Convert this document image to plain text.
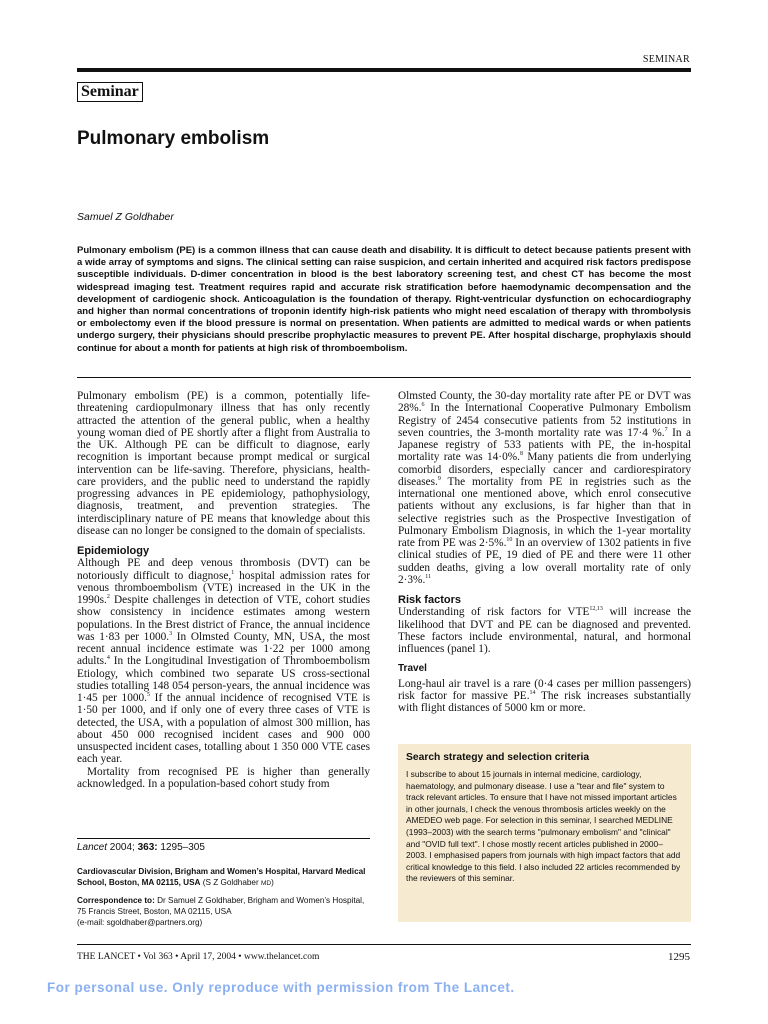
SEMINAR
Seminar
Pulmonary embolism
Samuel Z Goldhaber

Pulmonary embolism (PE) is a common illness that can cause death and disability. It is difficult to detect because patients present with a wide array of symptoms and signs. The clinical setting can raise suspicion, and certain inherited and acquired risk factors predispose susceptible individuals. D-dimer concentration in blood is the best laboratory screening test, and chest CT has become the most widespread imaging test. Treatment requires rapid and accurate risk stratification before haemodynamic decompensation and the development of cardiogenic shock. Anticoagulation is the foundation of therapy. Right-ventricular dysfunction on echocardiography and higher than normal concentrations of troponin identify high-risk patients who might need escalation of therapy with thrombolysis or embolectomy even if the blood pressure is normal on presentation. When patients are admitted to medical wards or when patients undergo surgery, their physicians should prescribe prophylactic measures to prevent PE. After hospital discharge, prophylaxis should continue for about a month for patients at high risk of thromboembolism.

Pulmonary embolism (PE) is a common, potentially life-threatening cardiopulmonary illness that has only recently attracted the attention of the general public, when a healthy young woman died of PE shortly after a flight from Australia to the UK. Although PE can be difficult to diagnose, early recognition is important because prompt medical or surgical intervention can be life-saving. Therefore, physicians, health-care providers, and the public need to understand the rapidly progressing advances in PE epidemiology, pathophysiology, diagnosis, treatment, and prevention strategies. The interdisciplinary nature of PE means that knowledge about this disease can no longer be consigned to the domain of specialists.

Epidemiology

Although PE and deep venous thrombosis (DVT) can be notoriously difficult to diagnose,$^1$ hospital admission rates for venous thromboembolism (VTE) increased in the UK in the 1990s.$^2$ Despite challenges in detection of VTE, cohort studies show consistency in incidence estimates among western populations. In the Brest district of France, the annual incidence was 1·83 per 1000.$^3$ In Olmsted County, MN, USA, the most recent annual incidence estimate was 1·22 per 1000 among adults.$^4$ In the Longitudinal Investigation of Thromboembolism Etiology, which combined two separate US cross-sectional studies totalling 148 054 person-years, the annual incidence was 1·45 per 1000.$^5$ If the annual incidence of recognised VTE is 1·50 per 1000, and if only one of every three cases of VTE is detected, the USA, with a population of almost 300 million, has about 450 000 recognised incident cases and 900 000 unsuspected incident cases, totalling about 1 350 000 VTE cases each year.

Mortality from recognised PE is higher than generally acknowledged. In a population-based cohort study from

Olmsted County, the 30-day mortality rate after PE or DVT was 28%.$^6$ In the International Cooperative Pulmonary Embolism Registry of 2454 consecutive patients from 52 institutions in seven countries, the 3-month mortality rate was 17·4 %.$^7$ In a Japanese registry of 533 patients with PE, the in-hospital mortality rate was 14·0%.$^8$ Many patients die from underlying comorbid disorders, especially cancer and cardiorespiratory diseases.$^9$ The mortality from PE in registries such as the international one mentioned above, which enrol consecutive patients without any exclusions, is far higher than that in selective registries such as the Prospective Investigation of Pulmonary Embolism Diagnosis, in which the 1-year mortality rate from PE was 2·5%.$^{10}$ In an overview of 1302 patients in five clinical studies of PE, 19 died of PE and there were 11 other sudden deaths, giving a low overall mortality rate of only 2·3%.$^{11}$

Risk factors

Understanding of risk factors for VTE$^{12,13}$ will increase the likelihood that DVT and PE can be diagnosed and prevented. These factors include environmental, natural, and hormonal influences (panel 1).

Travel

Long-haul air travel is a rare (0·4 cases per million passengers) risk factor for massive PE.$^{14}$ The risk increases substantially with flight distances of 5000 km or more.

Lancet 2004; 363: 1295–305

Cardiovascular Division, Brigham and Women’s Hospital, Harvard Medical School, Boston, MA 02115, USA (S Z Goldhaber MD)

Correspondence to: Dr Samuel Z Goldhaber, Brigham and Women’s Hospital, 75 Francis Street, Boston, MA 02115, USA
(e-mail: sgoldhaber@partners.org)

Search strategy and selection criteria

I subscribe to about 15 journals in internal medicine, cardiology, haematology, and pulmonary disease. I use a "tear and file" system to track relevant articles. To ensure that I have not missed important articles in other journals, I check the venous thrombosis articles weekly on the AMEDEO web page. For selection in this seminar, I searched MEDLINE (1993–2003) with the search terms "pulmonary embolism" and "clinical" and "OVID full text". I chose mostly recent articles published in 2000–2003. I emphasised papers from journals with high impact factors that add critical knowledge to this field. I also included 22 articles recommended by the reviewers of this seminar.

THE LANCET • Vol 363 • April 17, 2004 • www.thelancet.com	1295
For personal use. Only reproduce with permission from The Lancet.
